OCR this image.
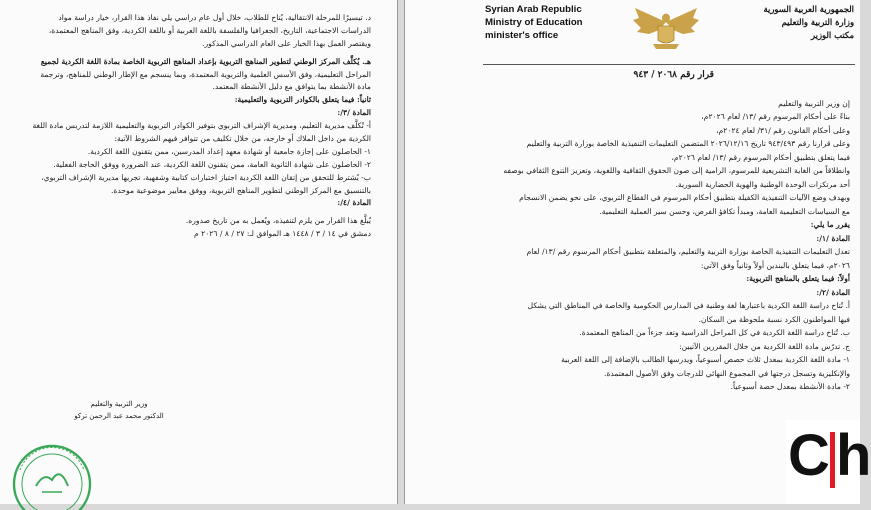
د. تيسيرًا للمرحلة الانتقالية، يُتاح للطلاب، خلال أول عام دراسي يلي نفاذ هذا القرار، خيار دراسة مواد
الدراسات الاجتماعية، التاريخ، الجغرافيا والفلسفة باللغة العربية أو باللغة الكردية، وفق المناهج المعتمدة،
ويقتصر العمل بهذا الخيار على العام الدراسي المذكور.
هـ. يُكلَّف المركز الوطني لتطوير المناهج التربوية بإعداد المناهج التربوية الخاصة بمادة اللغة الكردية لجميع
المراحل التعليمية، وفق الأسس العلمية والتربوية المعتمدة، وبما ينسجم مع الإطار الوطني للمناهج، وترجمة
مادة الأنشطة بما يتوافق مع دليل الأنشطة المعتمد.
ثانياً: فيما يتعلق بالكوادر التربوية والتعليمية:
المادة /٣/:
أ- تُكلَّف مديرية التعليم، ومديرية الإشراف التربوي بتوفير الكوادر التربوية والتعليمية اللازمة لتدريس مادة اللغة
الكردية من داخل الملاك أو خارجه، من خلال تكليف من تتوافر فيهم الشروط الآتية:
١- الحاصلون على إجازة جامعية أو شهادة معهد إعداد المدرسين، ممن يتقنون اللغة الكردية.
٢- الحاصلون على شهادة الثانوية العامة، ممن يتقنون اللغة الكردية، عند الضرورة ووفق الحاجة الفعلية.
ب- يُشترط للتحقق من إتقان اللغة الكردية اجتياز اختبارات كتابية وشفهية، تجريها مديرية الإشراف التربوي،
بالتنسيق مع المركز الوطني لتطوير المناهج التربوية، ووفق معايير موضوعية موحدة.
المادة /٤/:
يُبلَّغ هذا القرار من يلزم لتنفيذه، ويُعمل به من تاريخ صدوره.
دمشق في ١٤ / ٣ / ١٤٤٨ هـ الموافق لـ: ٢٧ / ٨ / ٢٠٢٦ م
وزير التربية والتعليم
الدكتور محمد عبد الرحمن تركو
Syrian Arab Republic
Ministry of Education
minister's office
الجمهورية العربية السورية
وزارة التربية والتعليم
مكتب الوزير
قرار رقم ٢٠٦٨ / ٩٤٣
إن وزير التربية والتعليم
بناءً على أحكام المرسوم رقم /١٣/ لعام ٢٠٢٦م،
وعلى أحكام القانون رقم /٣١/ لعام ٢٠٢٤م،
وعلى قرارنا رقم ٩٤٣/٤٩٣ تاريخ ٢٠٢٦/١٢/١٦ المتضمن التعليمات التنفيذية الخاصة بوزارة التربية والتعليم
فيما يتعلق بتطبيق أحكام المرسوم رقم /١٣/ لعام ٢٠٢٦م،
وانطلاقاً من الغاية التشريعية للمرسوم، الرامية إلى صون الحقوق الثقافية واللغوية، وتعزيز التنوع الثقافي بوصفه
أحد مرتكزات الوحدة الوطنية والهوية الحضارية السورية.
وبهدف وضع الآليات التنفيذية الكفيلة بتطبيق أحكام المرسوم في القطاع التربوي، على نحو يضمن الانسجام
مع السياسات التعليمية العامة، ومبدأ تكافؤ الفرص، وحسن سير العملية التعليمية.
يقرر ما يلي:
المادة /١/:
تعدل التعليمات التنفيذية الخاصة بوزارة التربية والتعليم، والمتعلقة بتطبيق أحكام المرسوم رقم /١٣/ لعام
٢٠٢٦م، فيما يتعلق بالبندين أولاً وثانياً وفق الآتي:
أولاً: فيما يتعلق بالمناهج التربوية:
المادة /٢/:
أ. تُتاح دراسة اللغة الكردية باعتبارها لغة وطنية في المدارس الحكومية والخاصة في المناطق التي يشكل
فيها المواطنون الكرد نسبة ملحوظة من السكان.
ب. تُتاح دراسة اللغة الكردية في كل المراحل الدراسية وتعد جزءاً من المناهج المعتمدة.
ج. تدرّس مادة اللغة الكردية من خلال المقررين الآتيين:
١- مادة اللغة الكردية بمعدل ثلاث حصص أسبوعياً، ويدرسها الطالب بالإضافة إلى اللغة العربية
والإنكليزية وتسجل درجتها في المجموع النهائي للدرجات وفق الأصول المعتمدة.
٢- مادة الأنشطة بمعدل حصة أسبوعياً.
C h
